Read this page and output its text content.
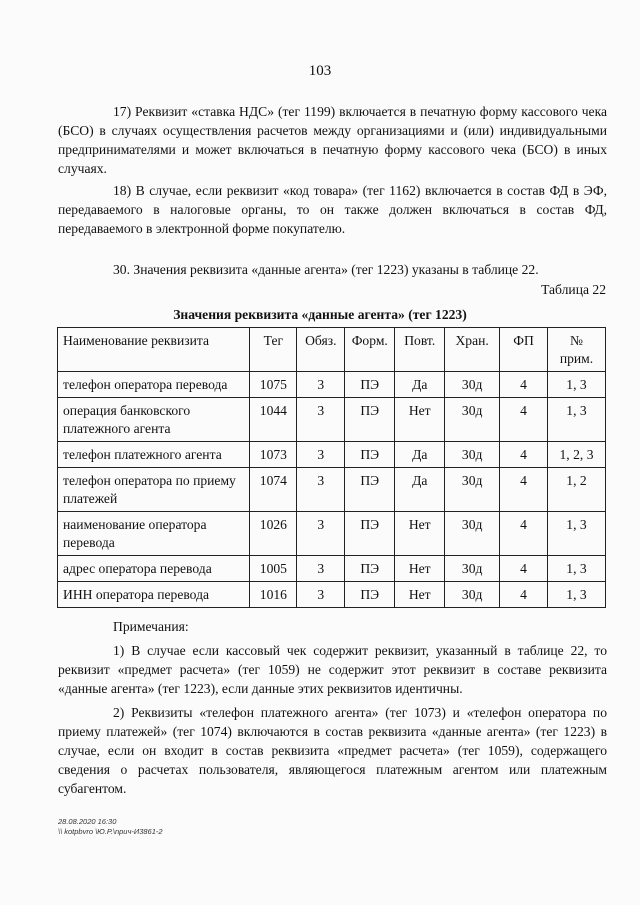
103

17) Реквизит «ставка НДС» (тег 1199) включается в печатную форму кассового чека (БСО) в случаях осуществления расчетов между организациями и (или) индивидуальными предпринимателями и может включаться в печатную форму кассового чека (БСО) в иных случаях.

18) В случае, если реквизит «код товара» (тег 1162) включается в состав ФД в ЭФ, передаваемого в налоговые органы, то он также должен включаться в состав ФД, передаваемого в электронной форме покупателю.

30. Значения реквизита «данные агента» (тег 1223) указаны в таблице 22.

Таблица 22
Значения реквизита «данные агента» (тег 1223)
Наименование реквизита	Тег	Обяз.	Форм.	Повт.	Хран.	ФП	№ прим.
телефон оператора перевода	1075	3	ПЭ	Да	30д	4	1, 3
операция банковского платежного агента	1044	3	ПЭ	Нет	30д	4	1, 3
телефон платежного агента	1073	3	ПЭ	Да	30д	4	1, 2, 3
телефон оператора по приему платежей	1074	3	ПЭ	Да	30д	4	1, 2
наименование оператора перевода	1026	3	ПЭ	Нет	30д	4	1, 3
адрес оператора перевода	1005	3	ПЭ	Нет	30д	4	1, 3
ИНН оператора перевода	1016	3	ПЭ	Нет	30д	4	1, 3
Примечания:

1) В случае если кассовый чек содержит реквизит, указанный в таблице 22, то реквизит «предмет расчета» (тег 1059) не содержит этот реквизит в составе реквизита «данные агента» (тег 1223), если данные этих реквизитов идентичны.

2) Реквизиты «телефон платежного агента» (тег 1073) и «телефон оператора по приему платежей» (тег 1074) включаются в состав реквизита «данные агента» (тег 1223) в случае, если он входит в состав реквизита «предмет расчета» (тег 1059), содержащего сведения о расчетах пользователя, являющегося платежным агентом или платежным субагентом.

28.08.2020 16:30
\\ kotpbvro \Ю.Р.\npuч-И3861-2
